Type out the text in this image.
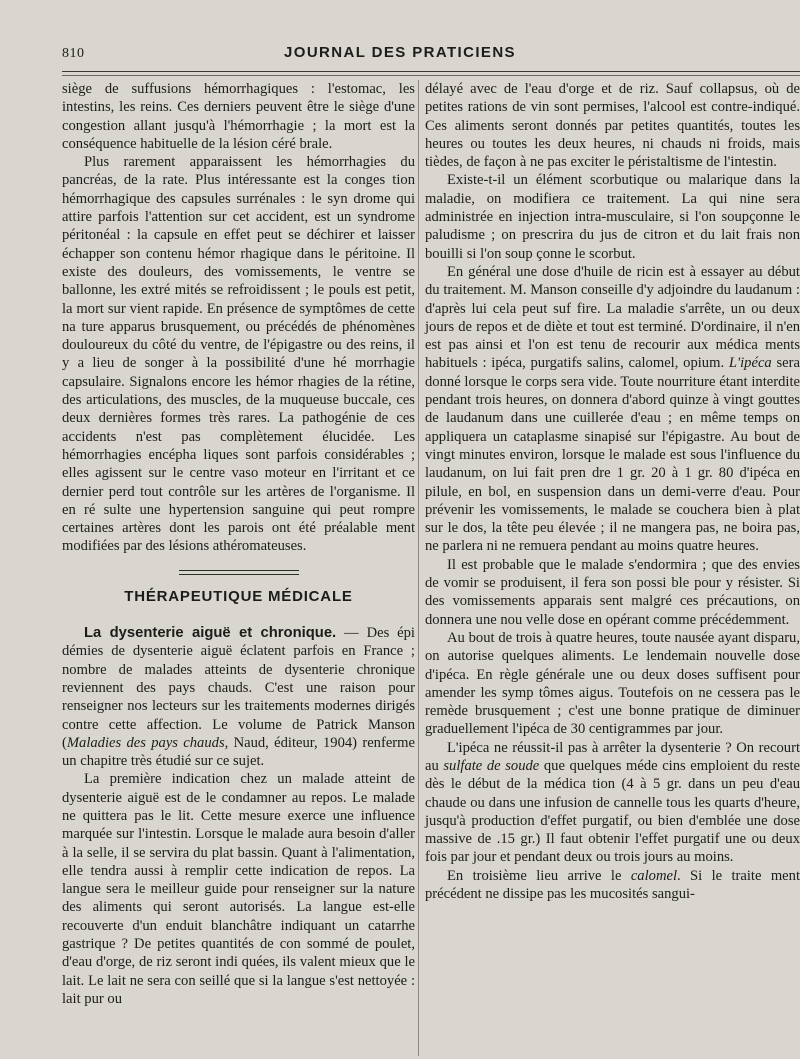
810	JOURNAL DES PRATICIENS

siège de suffusions hémorrhagiques : l'estomac, les intestins, les reins. Ces derniers peuvent être le siège d'une congestion allant jusqu'à l'hémorrhagie ; la mort est la conséquence habituelle de la lésion céré brale.

Plus rarement apparaissent les hémorrhagies du pancréas, de la rate. Plus intéressante est la conges tion hémorrhagique des capsules surrénales : le syn drome qui attire parfois l'attention sur cet accident, est un syndrome péritonéal : la capsule en effet peut se déchirer et laisser échapper son contenu hémor rhagique dans le péritoine. Il existe des douleurs, des vomissements, le ventre se ballonne, les extré mités se refroidissent ; le pouls est petit, la mort sur vient rapide. En présence de symptômes de cette na ture apparus brusquement, ou précédés de phénomènes douloureux du côté du ventre, de l'épigastre ou des reins, il y a lieu de songer à la possibilité d'une hé morrhagie capsulaire. Signalons encore les hémor rhagies de la rétine, des articulations, des muscles, de la muqueuse buccale, ces deux dernières formes très rares. La pathogénie de ces accidents n'est pas complètement élucidée. Les hémorrhagies encépha liques sont parfois considérables ; elles agissent sur le centre vaso moteur en l'irritant et ce dernier perd tout contrôle sur les artères de l'organisme. Il en ré sulte une hypertension sanguine qui peut rompre certaines artères dont les parois ont été préalable ment modifiées par des lésions athéromateuses.

THÉRAPEUTIQUE MÉDICALE

La dysenterie aiguë et chronique. — Des épi démies de dysenterie aiguë éclatent parfois en France ; nombre de malades atteints de dysenterie chronique reviennent des pays chauds. C'est une raison pour renseigner nos lecteurs sur les traitements modernes dirigés contre cette affection. Le volume de Patrick Manson (Maladies des pays chauds, Naud, éditeur, 1904) renferme un chapitre très étudié sur ce sujet.

La première indication chez un malade atteint de dysenterie aiguë est de le condamner au repos. Le malade ne quittera pas le lit. Cette mesure exerce une influence marquée sur l'intestin. Lorsque le malade aura besoin d'aller à la selle, il se servira du plat bassin. Quant à l'alimentation, elle tendra aussi à remplir cette indication de repos. La langue sera le meilleur guide pour renseigner sur la nature des aliments qui seront autorisés. La langue est-elle recouverte d'un enduit blanchâtre indiquant un catarrhe gastrique ? De petites quantités de con sommé de poulet, d'eau d'orge, de riz seront indi quées, ils valent mieux que le lait. Le lait ne sera con seillé que si la langue s'est nettoyée : lait pur ou

délayé avec de l'eau d'orge et de riz. Sauf collapsus, où de petites rations de vin sont permises, l'alcool est contre-indiqué. Ces aliments seront donnés par petites quantités, toutes les heures ou toutes les deux heures, ni chauds ni froids, mais tièdes, de façon à ne pas exciter le péristaltisme de l'intestin.

Existe-t-il un élément scorbutique ou malarique dans la maladie, on modifiera ce traitement. La qui nine sera administrée en injection intra-musculaire, si l'on soupçonne le paludisme ; on prescrira du jus de citron et du lait frais non bouilli si l'on soup çonne le scorbut.

En général une dose d'huile de ricin est à essayer au début du traitement. M. Manson conseille d'y adjoindre du laudanum : d'après lui cela peut suf fire. La maladie s'arrête, un ou deux jours de repos et de diète et tout est terminé. D'ordinaire, il n'en est pas ainsi et l'on est tenu de recourir aux médica ments habituels : ipéca, purgatifs salins, calomel, opium. L'ipéca sera donné lorsque le corps sera vide. Toute nourriture étant interdite pendant trois heures, on donnera d'abord quinze à vingt gouttes de laudanum dans une cuillerée d'eau ; en même temps on appliquera un cataplasme sinapisé sur l'épigastre. Au bout de vingt minutes environ, lorsque le malade est sous l'influence du laudanum, on lui fait pren dre 1 gr. 20 à 1 gr. 80 d'ipéca en pilule, en bol, en suspension dans un demi-verre d'eau. Pour prévenir les vomissements, le malade se couchera bien à plat sur le dos, la tête peu élevée ; il ne mangera pas, ne boira pas, ne parlera ni ne remuera pendant au moins quatre heures.

Il est probable que le malade s'endormira ; que des envies de vomir se produisent, il fera son possi ble pour y résister. Si des vomissements apparais sent malgré ces précautions, on donnera une nou velle dose en opérant comme précédemment.

Au bout de trois à quatre heures, toute nausée ayant disparu, on autorise quelques aliments. Le lendemain nouvelle dose d'ipéca. En règle générale une ou deux doses suffisent pour amender les symp tômes aigus. Toutefois on ne cessera pas le remède brusquement ; c'est une bonne pratique de diminuer graduellement l'ipéca de 30 centigrammes par jour.

L'ipéca ne réussit-il pas à arrêter la dysenterie ? On recourt au sulfate de soude que quelques méde cins emploient du reste dès le début de la médica tion (4 à 5 gr. dans un peu d'eau chaude ou dans une infusion de cannelle tous les quarts d'heure, jusqu'à production d'effet purgatif, ou bien d'emblée une dose massive de .15 gr.) Il faut obtenir l'effet purgatif une ou deux fois par jour et pendant deux ou trois jours au moins.

En troisième lieu arrive le calomel. Si le traite ment précédent ne dissipe pas les mucosités sangui-
